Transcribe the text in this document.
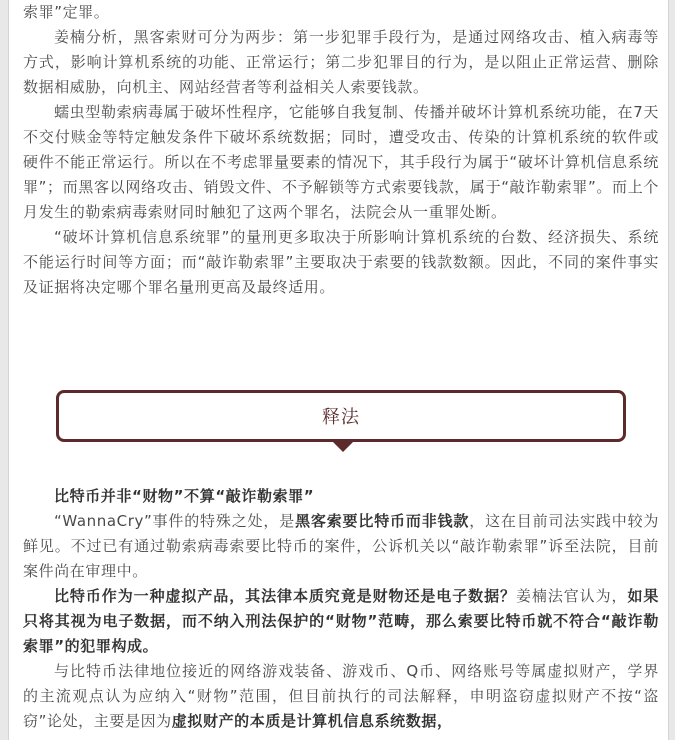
索罪”定罪。

姜楠分析，黑客索财可分为两步：第一步犯罪手段行为，是通过网络攻击、植入病毒等方式，影响计算机系统的功能、正常运行；第二步犯罪目的行为，是以阻止正常运营、删除数据相威胁，向机主、网站经营者等利益相关人索要钱款。

蠕虫型勒索病毒属于破坏性程序，它能够自我复制、传播并破坏计算机系统功能，在7天不交付赎金等特定触发条件下破坏系统数据；同时，遭受攻击、传染的计算机系统的软件或硬件不能正常运行。所以在不考虑罪量要素的情况下，其手段行为属于“破坏计算机信息系统罪”；而黑客以网络攻击、销毁文件、不予解锁等方式索要钱款，属于“敲诈勒索罪”。而上个月发生的勒索病毒索财同时触犯了这两个罪名，法院会从一重罪处断。

“破坏计算机信息系统罪”的量刑更多取决于所影响计算机系统的台数、经济损失、系统不能运行时间等方面；而“敲诈勒索罪”主要取决于索要的钱款数额。因此，不同的案件事实及证据将决定哪个罪名量刑更高及最终适用。

释法

比特币并非“财物”不算“敲诈勒索罪”

“WannaCry”事件的特殊之处，是黑客索要比特币而非钱款，这在目前司法实践中较为鲜见。不过已有通过勒索病毒索要比特币的案件，公诉机关以“敲诈勒索罪”诉至法院，目前案件尚在审理中。

比特币作为一种虚拟产品，其法律本质究竟是财物还是电子数据？姜楠法官认为，如果只将其视为电子数据，而不纳入刑法保护的“财物”范畴，那么索要比特币就不符合“敲诈勒索罪”的犯罪构成。

与比特币法律地位接近的网络游戏装备、游戏币、Q币、网络账号等属虚拟财产，学界的主流观点认为应纳入“财物”范围，但目前执行的司法解释，申明盗窃虚拟财产不按“盗窃”论处，主要是因为虚拟财产的本质是计算机信息系统数据，
